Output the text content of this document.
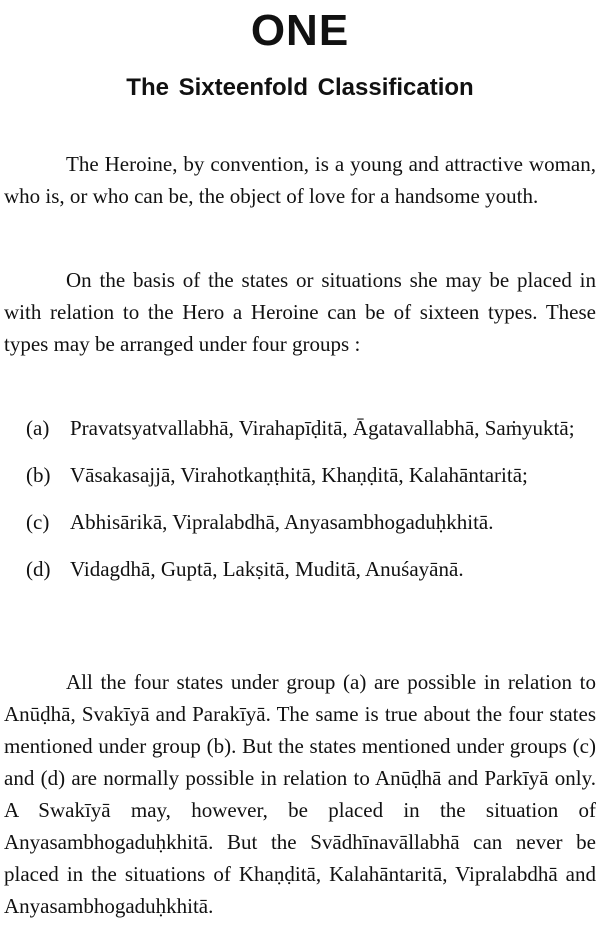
ONE
The Sixteenfold Classification

The Heroine, by convention, is a young and attractive woman, who is, or who can be, the object of love for a handsome youth.

On the basis of the states or situations she may be placed in with relation to the Hero a Heroine can be of sixteen types. These types may be arranged under four groups :

(a) Pravatsyatvallabhā, Virahapīḍitā, Āgatavallabhā, Saṁyuktā;
(b) Vāsakasajjā, Virahotkaṇṭhitā, Khaṇḍitā, Kalahāntaritā;
(c) Abhisārikā, Vipralabdhā, Anyasambhogaduḥkhitā.
(d) Vidagdhā, Guptā, Lakṣitā, Muditā, Anuśayānā.

All the four states under group (a) are possible in relation to Anūḍhā, Svakīyā and Parakīyā. The same is true about the four states mentioned under group (b). But the states mentioned under groups (c) and (d) are normally possible in relation to Anūḍhā and Parkīyā only. A Swakīyā may, however, be placed in the situation of Anyasambhogaduḥkhitā. But the Svādhīnavāllabhā can never be placed in the situations of Khaṇḍitā, Kalahāntaritā, Vipralabdhā and Anyasambhogaduḥkhitā.
